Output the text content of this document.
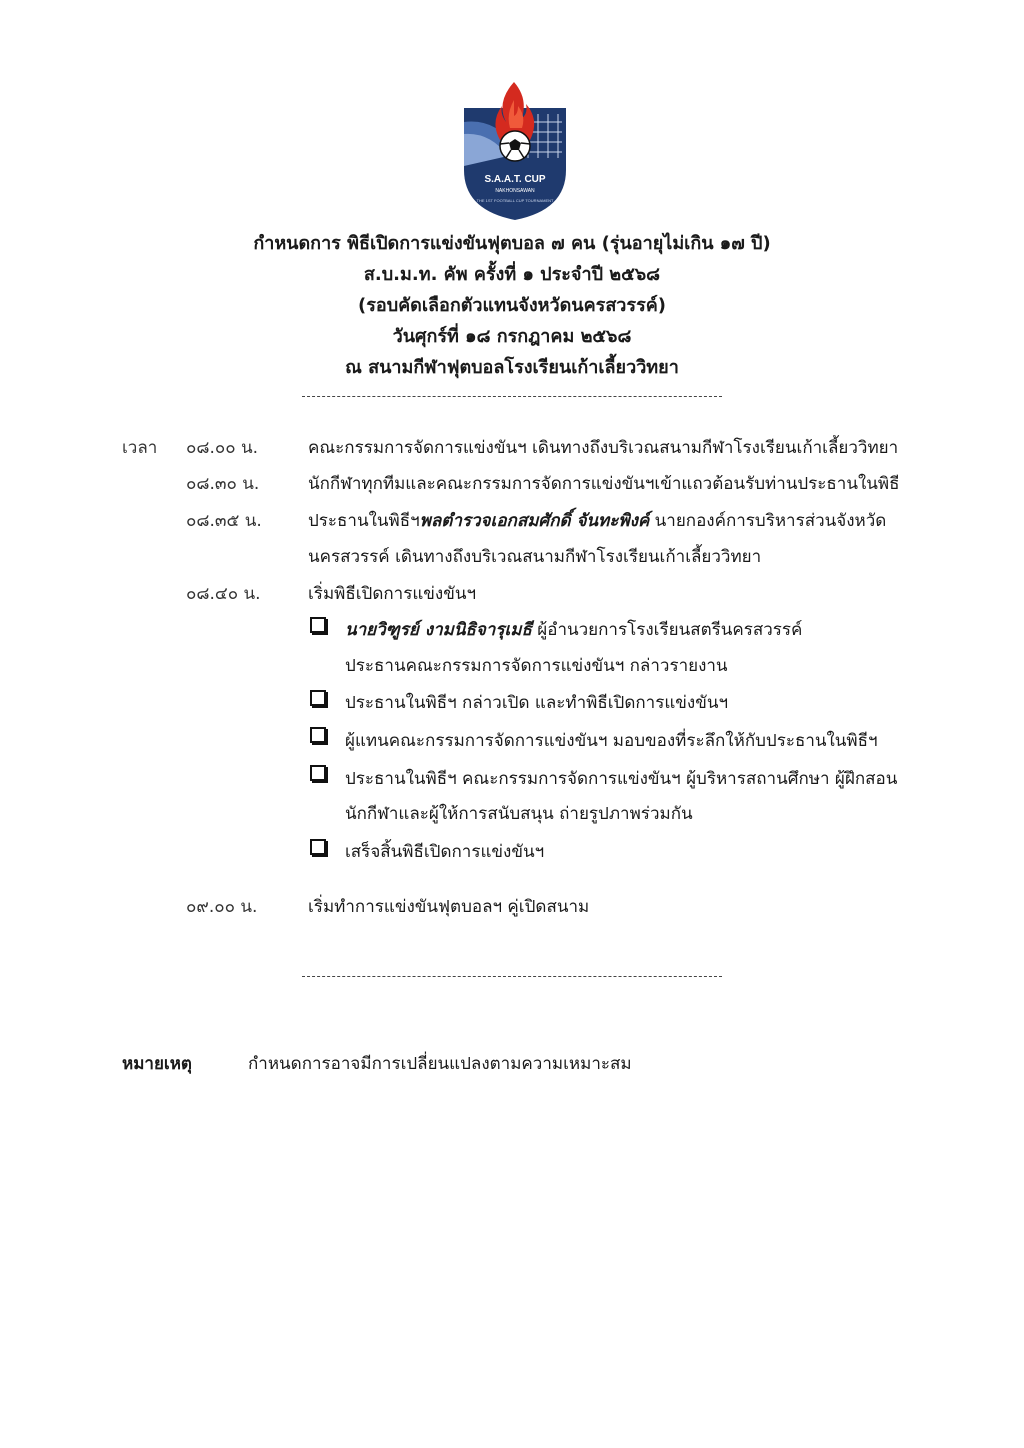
S.A.A.T. CUP
NAKHONSAWAN
THE 1ST FOOTBALL CUP TOURNAMENT
กำหนดการ พิธีเปิดการแข่งขันฟุตบอล ๗ คน (รุ่นอายุไม่เกิน ๑๗ ปี)
ส.บ.ม.ท. คัพ ครั้งที่ ๑ ประจำปี ๒๕๖๘
(รอบคัดเลือกตัวแทนจังหวัดนครสวรรค์)
วันศุกร์ที่ ๑๘ กรกฎาคม ๒๕๖๘
ณ สนามกีฬาฟุตบอลโรงเรียนเก้าเลี้ยววิทยา
เวลา ๐๘.๐๐ น.	คณะกรรมการจัดการแข่งขันฯ เดินทางถึงบริเวณสนามกีฬาโรงเรียนเก้าเลี้ยววิทยา
๐๘.๓๐ น.	นักกีฬาทุกทีมและคณะกรรมการจัดการแข่งขันฯเข้าแถวต้อนรับท่านประธานในพิธี
๐๘.๓๕ น.	ประธานในพิธีฯพลตำรวจเอกสมศักดิ์ จันทะพิงค์ นายกองค์การบริหารส่วนจังหวัด
นครสวรรค์ เดินทางถึงบริเวณสนามกีฬาโรงเรียนเก้าเลี้ยววิทยา
๐๘.๔๐ น.	เริ่มพิธีเปิดการแข่งขันฯ
นายวิฑูรย์ งามนิธิจารุเมธี ผู้อำนวยการโรงเรียนสตรีนครสวรรค์
ประธานคณะกรรมการจัดการแข่งขันฯ กล่าวรายงาน
ประธานในพิธีฯ กล่าวเปิด และทำพิธีเปิดการแข่งขันฯ
ผู้แทนคณะกรรมการจัดการแข่งขันฯ มอบของที่ระลึกให้กับประธานในพิธีฯ
ประธานในพิธีฯ คณะกรรมการจัดการแข่งขันฯ ผู้บริหารสถานศึกษา ผู้ฝึกสอน
นักกีฬาและผู้ให้การสนับสนุน ถ่ายรูปภาพร่วมกัน
เสร็จสิ้นพิธีเปิดการแข่งขันฯ
๐๙.๐๐ น.	เริ่มทำการแข่งขันฟุตบอลฯ คู่เปิดสนาม
หมายเหตุ	กำหนดการอาจมีการเปลี่ยนแปลงตามความเหมาะสม
